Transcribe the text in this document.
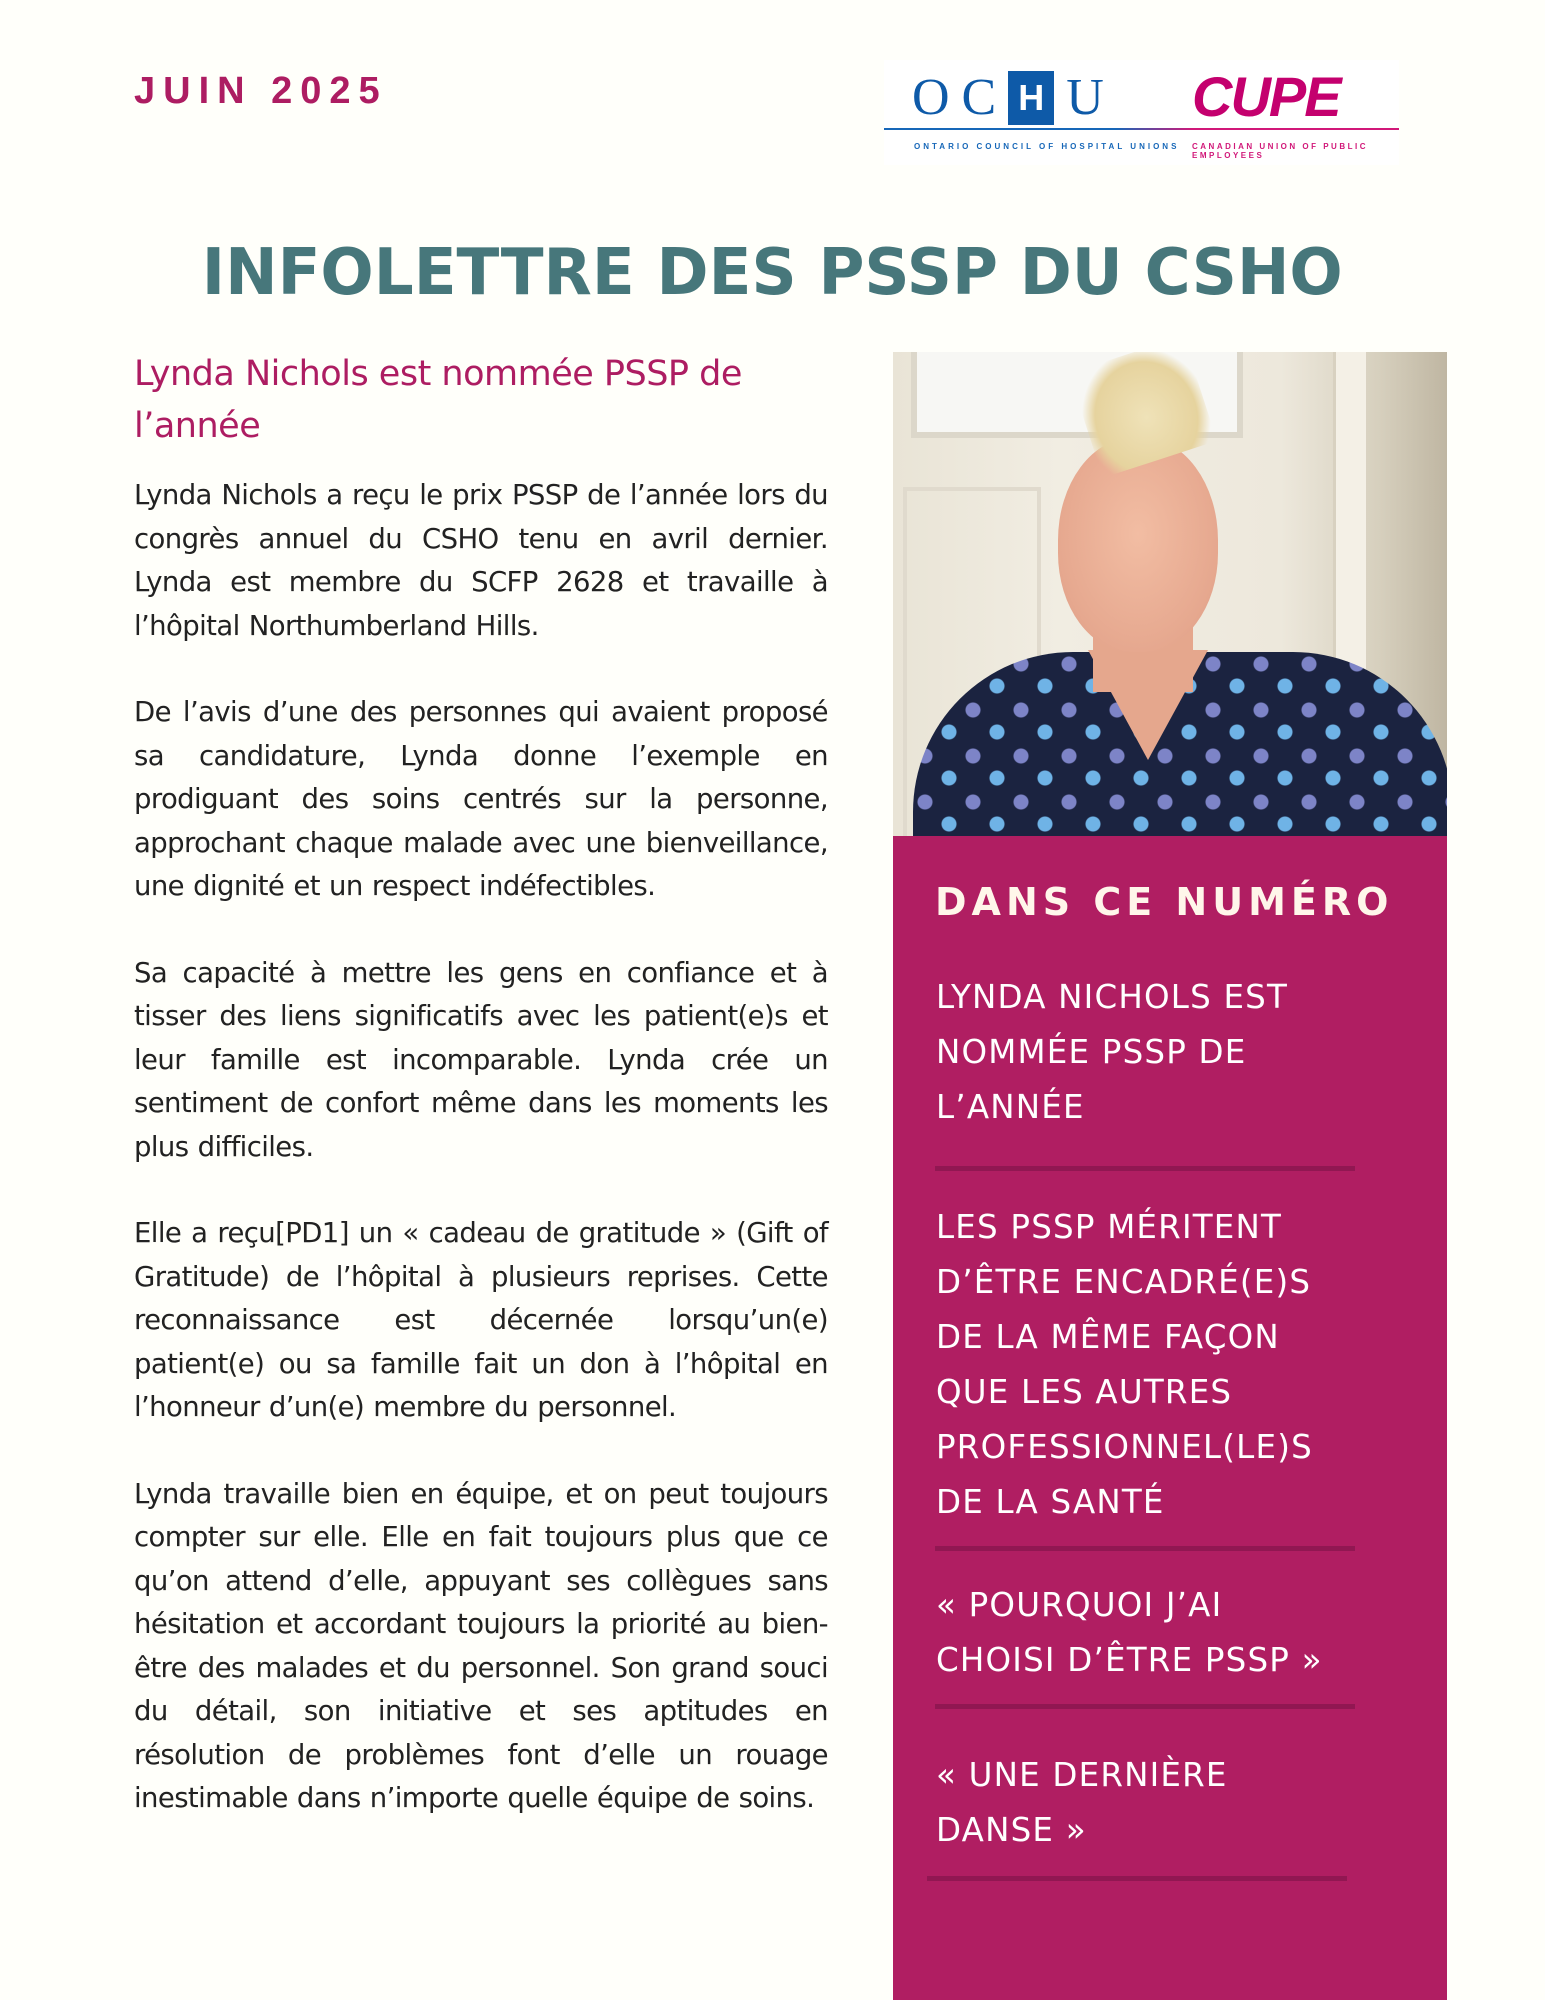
JUIN 2025	OC H U CUPE
ONTARIO COUNCIL OF HOSPITAL UNIONS CANADIAN UNION OF PUBLIC EMPLOYEES
INFOLETTRE DES PSSP DU CSHO
Lynda Nichols est nommée PSSP de l’année

Lynda Nichols a reçu le prix PSSP de l’année lors du congrès annuel du CSHO tenu en avril dernier. Lynda est membre du SCFP 2628 et travaille à l’hôpital Northumberland Hills.

De l’avis d’une des personnes qui avaient proposé sa candidature, Lynda donne l’exemple en prodiguant des soins centrés sur la personne, approchant chaque malade avec une bienveillance, une dignité et un respect indéfectibles.

Sa capacité à mettre les gens en confiance et à tisser des liens significatifs avec les patient(e)s et leur famille est incomparable. Lynda crée un sentiment de confort même dans les moments les plus difficiles.

Elle a reçu[PD1] un « cadeau de gratitude » (Gift of Gratitude) de l’hôpital à plusieurs reprises. Cette reconnaissance est décernée lorsqu’un(e) patient(e) ou sa famille fait un don à l’hôpital en l’honneur d’un(e) membre du personnel.

Lynda travaille bien en équipe, et on peut toujours compter sur elle. Elle en fait toujours plus que ce qu’on attend d’elle, appuyant ses collègues sans hésitation et accordant toujours la priorité au bien-être des malades et du personnel. Son grand souci du détail, son initiative et ses aptitudes en résolution de problèmes font d’elle un rouage inestimable dans n’importe quelle équipe de soins.

DANS CE NUMÉRO
LYNDA NICHOLS EST
NOMMÉE PSSP DE
L’ANNÉE
LES PSSP MÉRITENT
D’ÊTRE ENCADRÉ(E)S
DE LA MÊME FAÇON
QUE LES AUTRES
PROFESSIONNEL(LE)S
DE LA SANTÉ
« POURQUOI J’AI
CHOISI D’ÊTRE PSSP »
« UNE DERNIÈRE
DANSE »
